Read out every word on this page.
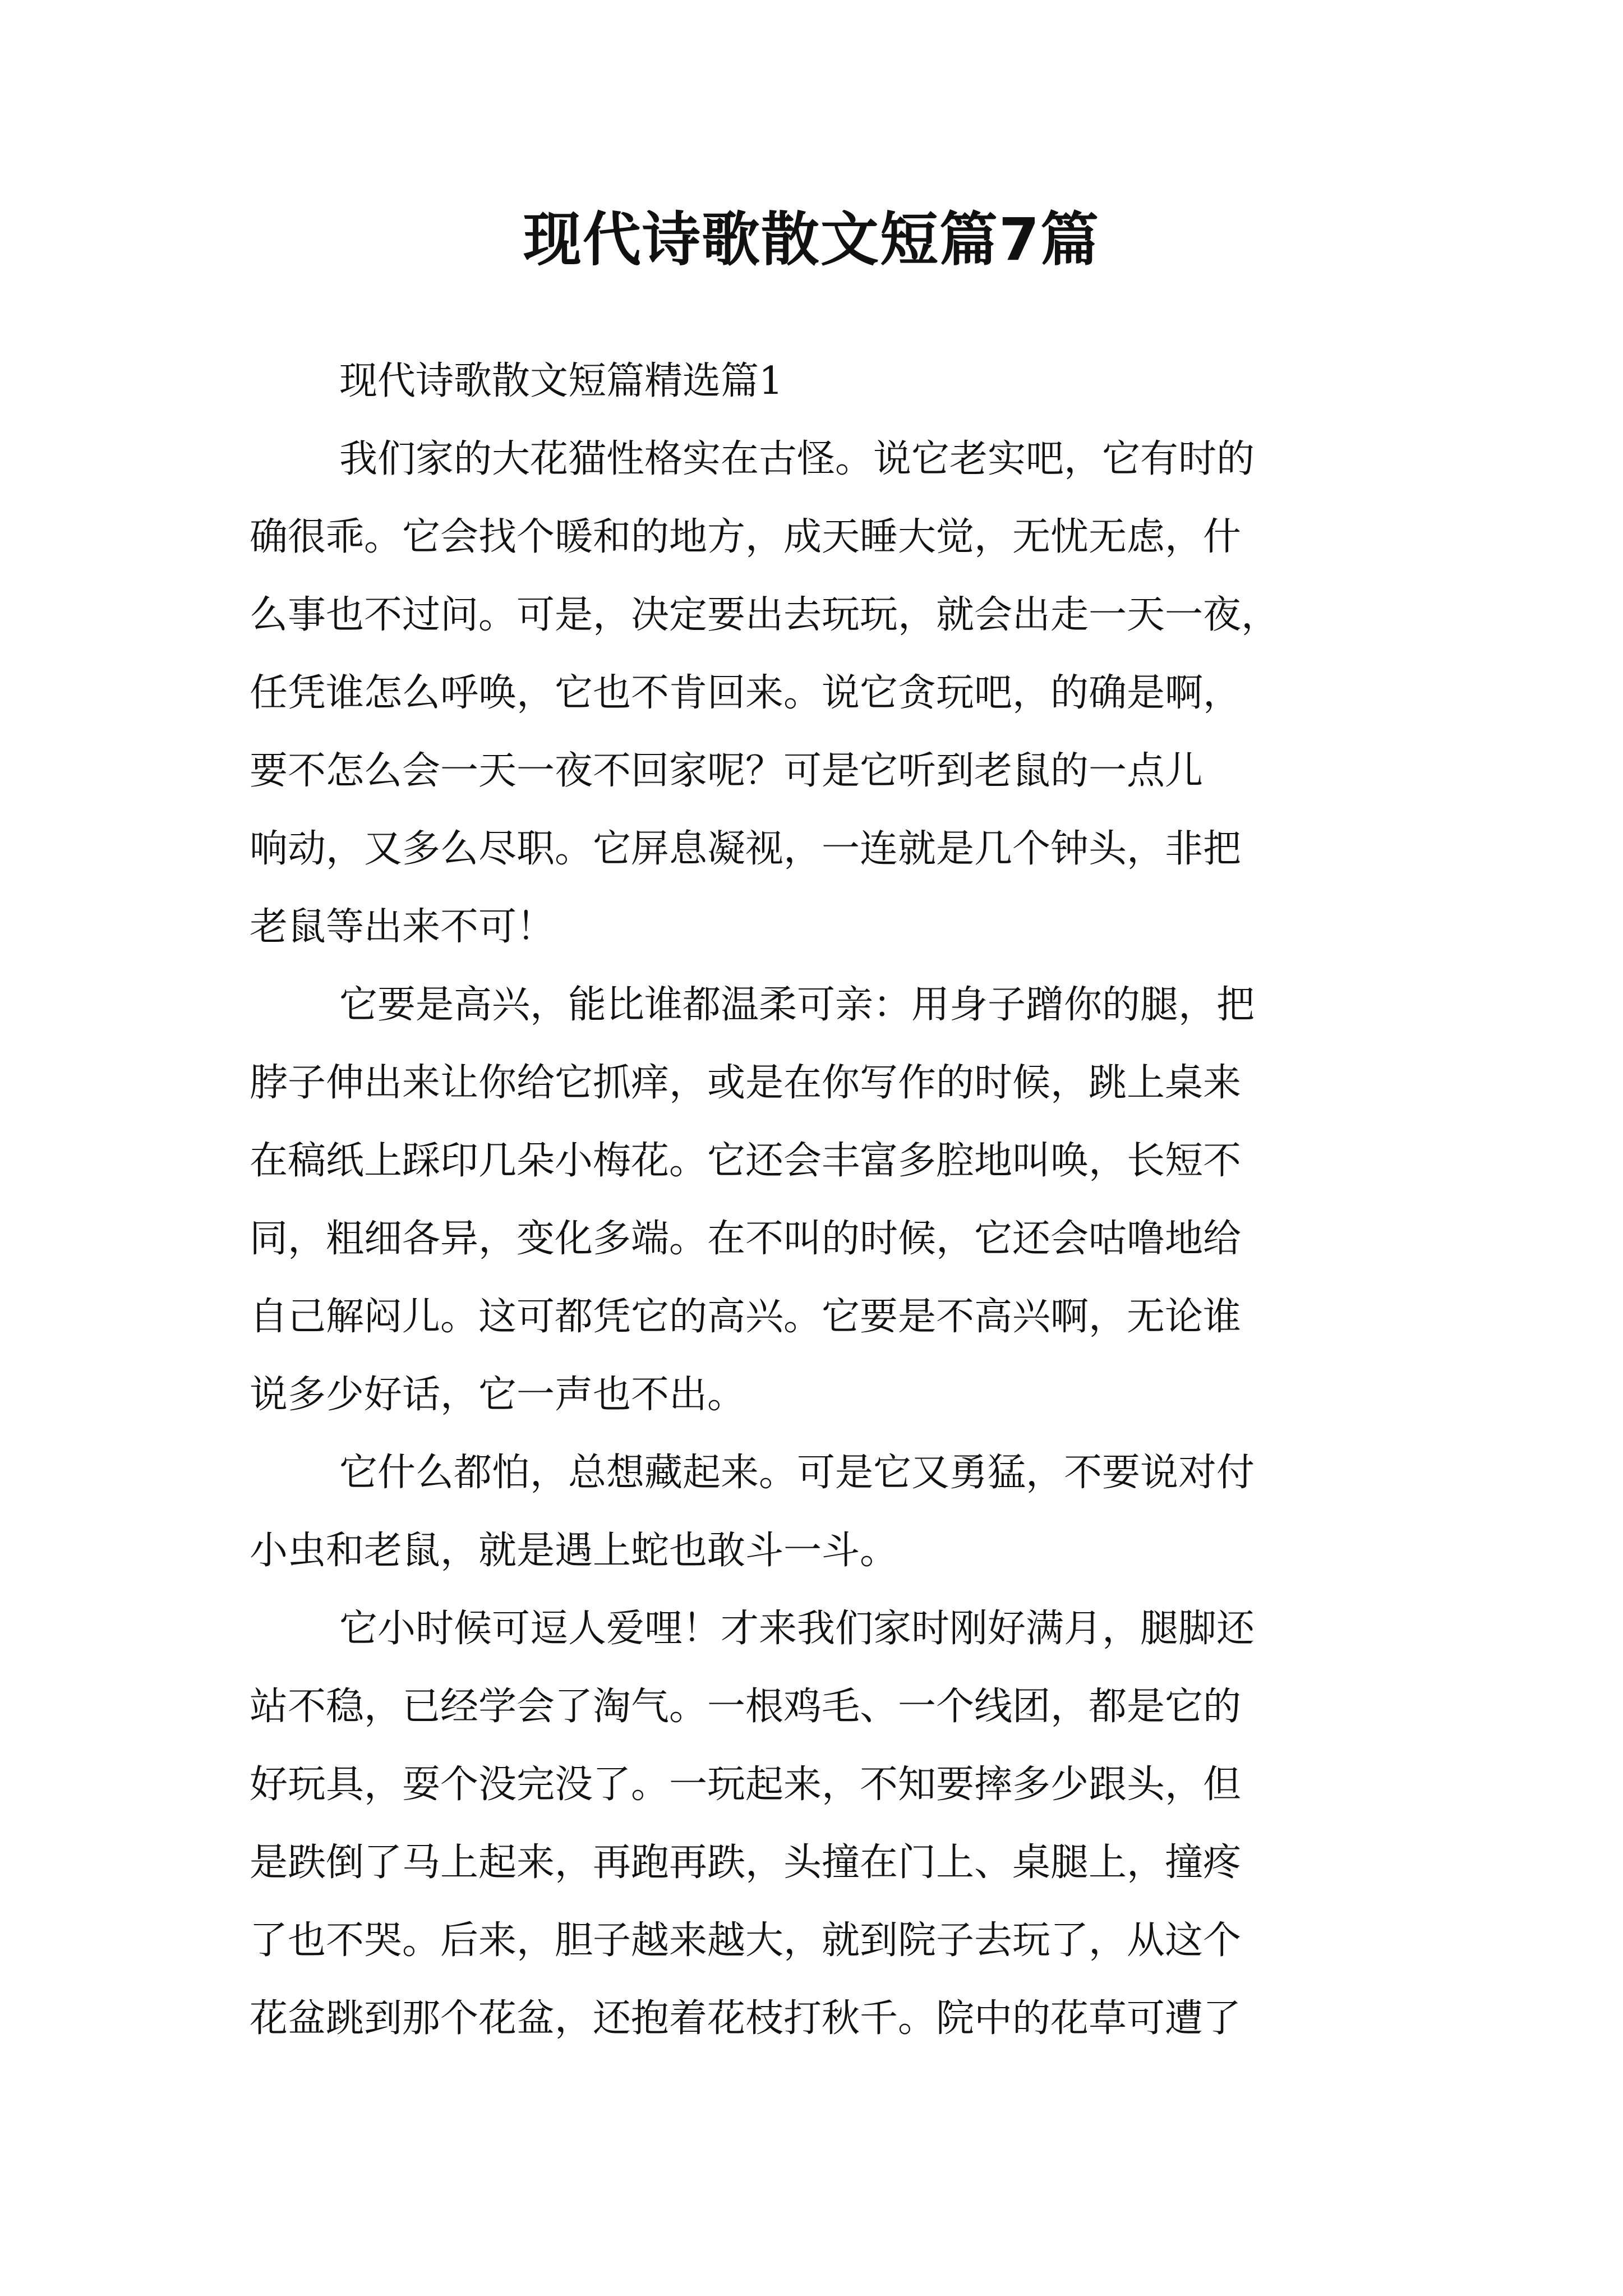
现代诗歌散文短篇7篇

现代诗歌散文短篇精选篇1

我们家的大花猫性格实在古怪。说它老实吧，它有时的
确很乖。它会找个暖和的地方，成天睡大觉，无忧无虑，什
么事也不过问。可是，决定要出去玩玩，就会出走一天一夜，
任凭谁怎么呼唤，它也不肯回来。说它贪玩吧，的确是啊，
要不怎么会一天一夜不回家呢？可是它听到老鼠的一点儿
响动，又多么尽职。它屏息凝视，一连就是几个钟头，非把
老鼠等出来不可！

它要是高兴，能比谁都温柔可亲：用身子蹭你的腿，把
脖子伸出来让你给它抓痒，或是在你写作的时候，跳上桌来
在稿纸上踩印几朵小梅花。它还会丰富多腔地叫唤，长短不
同，粗细各异，变化多端。在不叫的时候，它还会咕噜地给
自己解闷儿。这可都凭它的高兴。它要是不高兴啊，无论谁
说多少好话，它一声也不出。

它什么都怕，总想藏起来。可是它又勇猛，不要说对付
小虫和老鼠，就是遇上蛇也敢斗一斗。

它小时候可逗人爱哩！才来我们家时刚好满月，腿脚还
站不稳，已经学会了淘气。一根鸡毛、一个线团，都是它的
好玩具，耍个没完没了。一玩起来，不知要摔多少跟头，但
是跌倒了马上起来，再跑再跌，头撞在门上、桌腿上，撞疼
了也不哭。后来，胆子越来越大，就到院子去玩了，从这个
花盆跳到那个花盆，还抱着花枝打秋千。院中的花草可遭了
